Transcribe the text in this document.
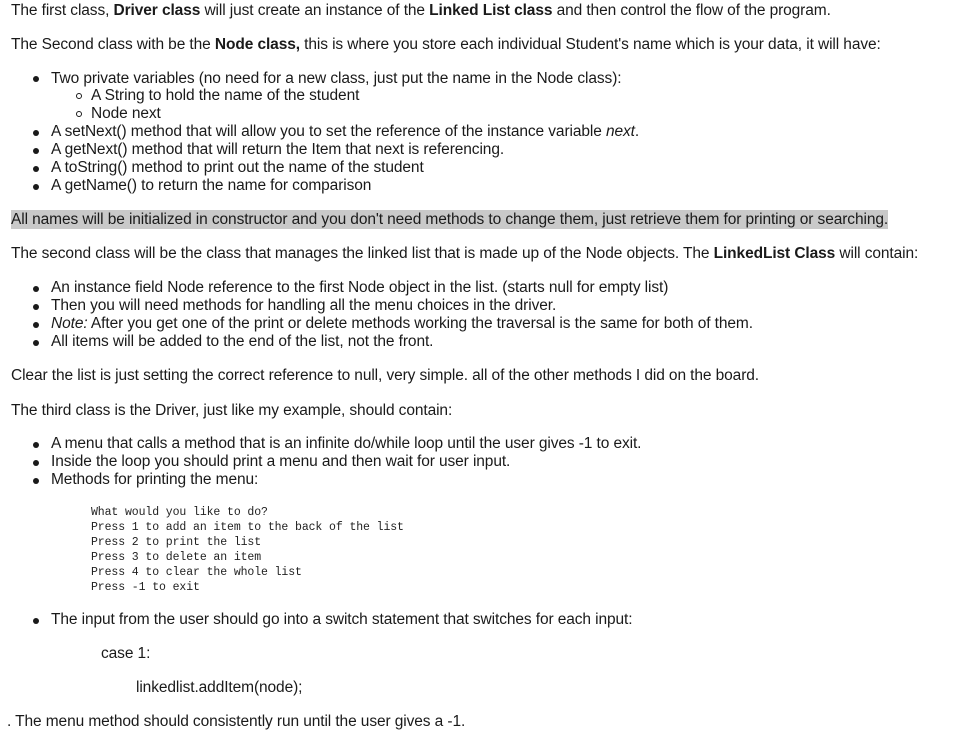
The first class, Driver class will just create an instance of the Linked List class and then control the flow of the program.
The Second class with be the Node class, this is where you store each individual Student's name which is your data, it will have:
Two private variables (no need for a new class, just put the name in the Node class):
A String to hold the name of the student
Node next
A setNext() method that will allow you to set the reference of the instance variable next.
A getNext() method that will return the Item that next is referencing.
A toString() method to print out the name of the student
A getName() to return the name for comparison
All names will be initialized in constructor and you don't need methods to change them, just retrieve them for printing or searching.
The second class will be the class that manages the linked list that is made up of the Node objects. The LinkedList Class will contain:
An instance field Node reference to the first Node object in the list. (starts null for empty list)
Then you will need methods for handling all the menu choices in the driver.
Note: After you get one of the print or delete methods working the traversal is the same for both of them.
All items will be added to the end of the list, not the front.
Clear the list is just setting the correct reference to null, very simple. all of the other methods I did on the board.
The third class is the Driver, just like my example, should contain:
A menu that calls a method that is an infinite do/while loop until the user gives -1 to exit.
Inside the loop you should print a menu and then wait for user input.
Methods for printing the menu:
What would you like to do?
Press 1 to add an item to the back of the list
Press 2 to print the list
Press 3 to delete an item
Press 4 to clear the whole list
Press -1 to exit
The input from the user should go into a switch statement that switches for each input:
case 1:
linkedlist.addItem(node);
. The menu method should consistently run until the user gives a -1.
